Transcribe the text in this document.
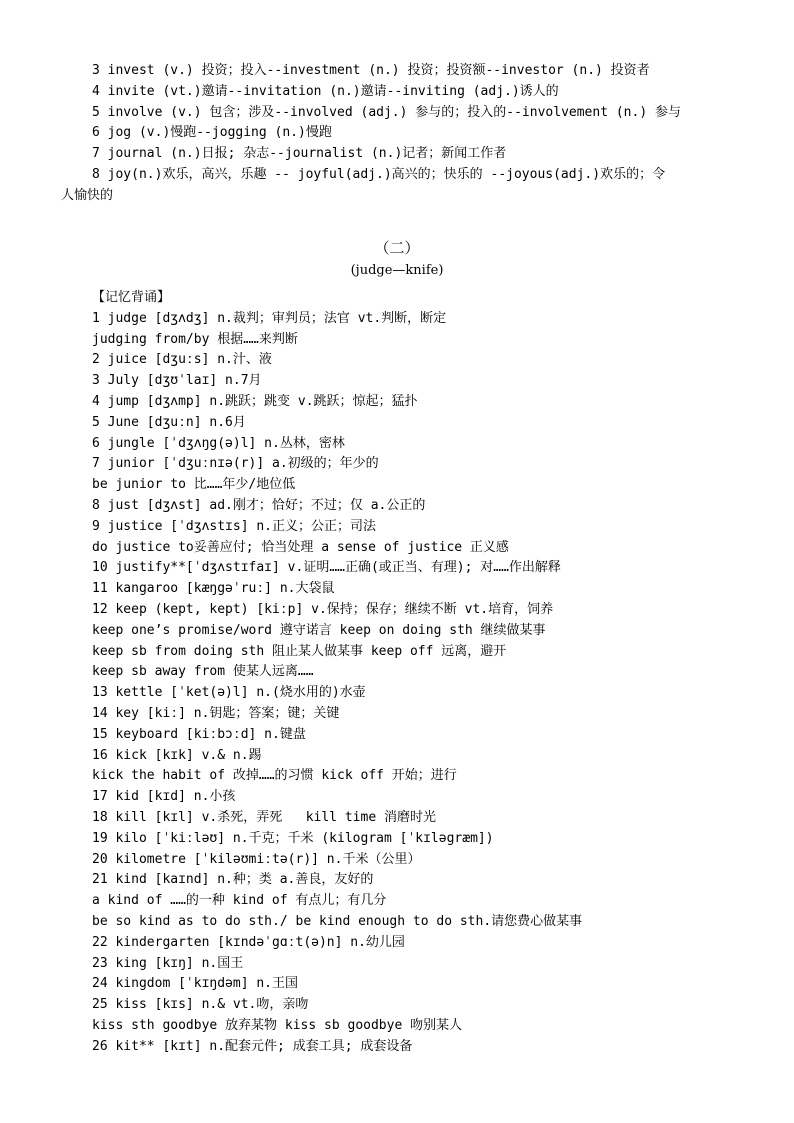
3 invest (v.) 投资；投入--investment (n.) 投资；投资额--investor (n.) 投资者
4 invite (vt.)邀请--invitation (n.)邀请--inviting (adj.)诱人的
5 involve (v.) 包含；涉及--involved (adj.) 参与的；投入的--involvement (n.) 参与
6 jog (v.)慢跑--jogging (n.)慢跑
7 journal (n.)日报; 杂志--journalist (n.)记者；新闻工作者
8 joy(n.)欢乐，高兴，乐趣 -- joyful(adj.)高兴的；快乐的 --joyous(adj.)欢乐的；令
人愉快的
（二）
(judge—knife)
【记忆背诵】
1 judge [dʒʌdʒ] n.裁判；审判员；法官 vt.判断，断定
judging from/by 根据……来判断
2 juice [dʒuːs] n.汁、液
3 July [dʒʊˈlaɪ] n.7月
4 jump [dʒʌmp] n.跳跃；跳变 v.跳跃；惊起；猛扑
5 June [dʒuːn] n.6月
6 jungle [ˈdʒʌŋg(ə)l] n.丛林，密林
7 junior [ˈdʒuːnɪə(r)] a.初级的；年少的
be junior to 比……年少/地位低
8 just [dʒʌst] ad.刚才；恰好；不过；仅 a.公正的
9 justice [ˈdʒʌstɪs] n.正义；公正；司法
do justice to妥善应付; 恰当处理 a sense of justice 正义感
10 justify**[ˈdʒʌstɪfaɪ] v.证明……正确(或正当、有理); 对……作出解释
11 kangaroo [kæŋgəˈruː] n.大袋鼠
12 keep (kept, kept) [kiːp] v.保持；保存；继续不断 vt.培育，饲养
keep one’s promise/word 遵守诺言 keep on doing sth 继续做某事
keep sb from doing sth 阻止某人做某事 keep off 远离，避开
keep sb away from 使某人远离……
13 kettle [ˈket(ə)l] n.(烧水用的)水壶
14 key [kiː] n.钥匙；答案；键；关键
15 keyboard [kiːbɔːd] n.键盘
16 kick [kɪk] v.& n.踢
kick the habit of 改掉……的习惯 kick off 开始；进行
17 kid [kɪd] n.小孩
18 kill [kɪl] v.杀死，弄死   kill time 消磨时光
19 kilo [ˈkiːləʊ] n.千克；千米 (kilogram [ˈkɪləgræm])
20 kilometre [ˈkiləʊmiːtə(r)] n.千米（公里）
21 kind [kaɪnd] n.种；类 a.善良，友好的
a kind of ……的一种 kind of 有点儿；有几分
be so kind as to do sth./ be kind enough to do sth.请您费心做某事
22 kindergarten [kɪndəˈgɑːt(ə)n] n.幼儿园
23 king [kɪŋ] n.国王
24 kingdom [ˈkɪŋdəm] n.王国
25 kiss [kɪs] n.& vt.吻，亲吻
kiss sth goodbye 放弃某物 kiss sb goodbye 吻别某人
26 kit** [kɪt] n.配套元件; 成套工具; 成套设备
